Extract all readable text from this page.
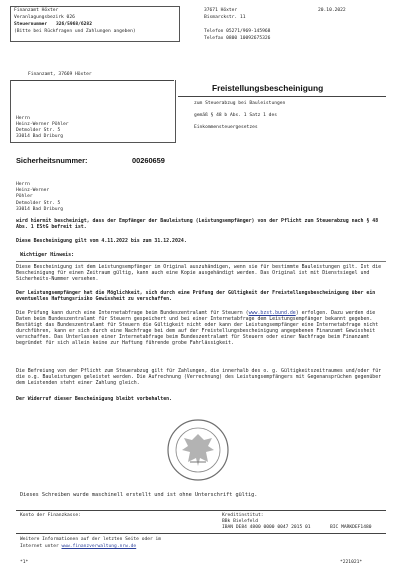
Finanzamt Höxter
Veranlagungsbezirk 026
Steuernummer 326/5968/6282
(Bitte bei Rückfragen und Zahlungen angeben)
37671 Höxter	20.10.2022
Bismarckstr. 11
Telefon 05271/969-145968
Telefax 0800 10092675326
Finanzamt, 37669 Höxter
Herrn
Heinz-Werner Pöhler
Detmolder Str. 5
33014 Bad Driburg
Freistellungsbescheinigung
zum Steuerabzug bei Bauleistungen
gemäß § 48 b Abs. 1 Satz 1 des
Einkommensteuergesetzes
Sicherheitsnummer:	00260659
Herrn
Heinz-Werner
Pöhler
Detmolder Str. 5
33014 Bad Driburg
wird hiermit bescheinigt, dass der Empfänger der Bauleistung (Leistungsempfänger) von der Pflicht zum Steuerabzug nach § 48 Abs. 1 EStG befreit ist.
Diese Bescheinigung gilt vom 4.11.2022 bis zum 31.12.2024.
Wichtiger Hinweis:
Diese Bescheinigung ist dem Leistungsempfänger im Original auszuhändigen, wenn sie für bestimmte Bauleistungen gilt. Ist die Bescheinigung für einen Zeitraum gültig, kann auch eine Kopie ausgehändigt werden. Das Original ist mit Dienstsiegel und Sicherheits-Nummer versehen.
Der Leistungsempfänger hat die Möglichkeit, sich durch eine Prüfung der Gültigkeit der Freistellungsbescheinigung über ein eventuelles Haftungsrisiko Gewissheit zu verschaffen.
Die Prüfung kann durch eine Internetabfrage beim Bundeszentralamt für Steuern (www.bzst.bund.de) erfolgen. Dazu werden die Daten beim Bundeszentralamt für Steuern gespeichert und bei einer Internetabfrage dem Leistungsempfänger bekannt gegeben. Bestätigt das Bundeszentralamt für Steuern die Gültigkeit nicht oder kann der Leistungsempfänger eine Internetabfrage nicht durchführen, kann er sich durch eine Nachfrage bei dem auf der Freistellungsbescheinigung angegebenen Finanzamt Gewissheit verschaffen. Das Unterlassen einer Internetabfrage beim Bundeszentralamt für Steuern oder einer Nachfrage beim Finanzamt begründet für sich allein keine zur Haftung führende grobe Fahrlässigkeit.
Die Befreiung von der Pflicht zum Steuerabzug gilt für Zahlungen, die innerhalb des o. g. Gültigkeitszeitraumes und/oder für die o.g. Bauleistungen geleistet werden. Die Aufrechnung (Verrechnung) des Leistungsempfängers mit Gegenansprüchen gegenüber dem Leistenden steht einer Zahlung gleich.
Der Widerruf dieser Bescheinigung bleibt vorbehalten.
Dieses Schreiben wurde maschinell erstellt und ist ohne Unterschrift gültig.
Konto der Finanzkasse:	Kreditinstitut:
BBk Bielefeld
IBAN DE84 4800 0000 0047 2015 01	BIC MARKDEF1480
Weitere Informationen auf der letzten Seite oder im
Internet unter www.finanzverwaltung.nrw.de
*1*	*221021*
